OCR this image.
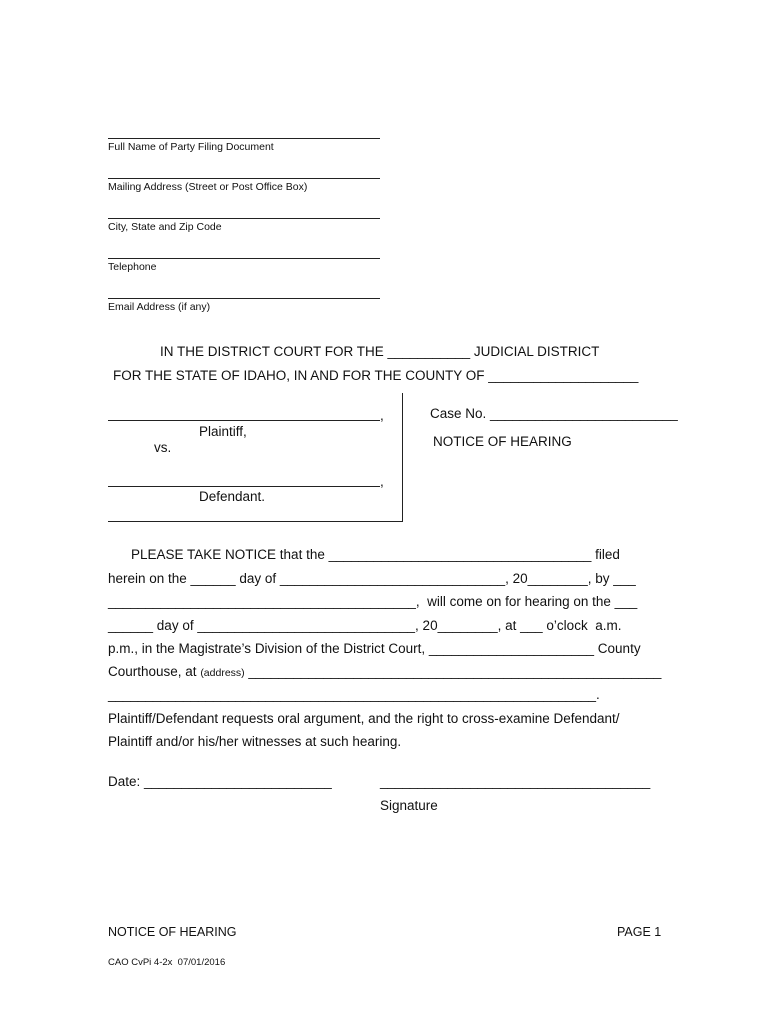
Full Name of Party Filing Document
Mailing Address (Street or Post Office Box)
City, State and Zip Code
Telephone
Email Address (if any)
IN THE DISTRICT COURT FOR THE ___________ JUDICIAL DISTRICT
FOR THE STATE OF IDAHO, IN AND FOR THE COUNTY OF ____________________
,
Plaintiff,
vs.
,
Defendant.
Case No. _________________________
NOTICE OF HEARING
PLEASE TAKE NOTICE that the ___________________________________ filed
herein on the ______ day of ______________________________, 20________, by ___
_________________________________________,  will come on for hearing on the ___
______ day of _____________________________, 20________, at ___ o’clock  a.m.
p.m., in the Magistrate’s Division of the District Court, ______________________ County
Courthouse, at (address) _______________________________________________________
_________________________________________________________________.
Plaintiff/Defendant requests oral argument, and the right to cross-examine Defendant/
Plaintiff and/or his/her witnesses at such hearing.
Date: _________________________	____________________________________
Signature
NOTICE OF HEARING	PAGE 1
CAO CvPi 4-2x  07/01/2016
